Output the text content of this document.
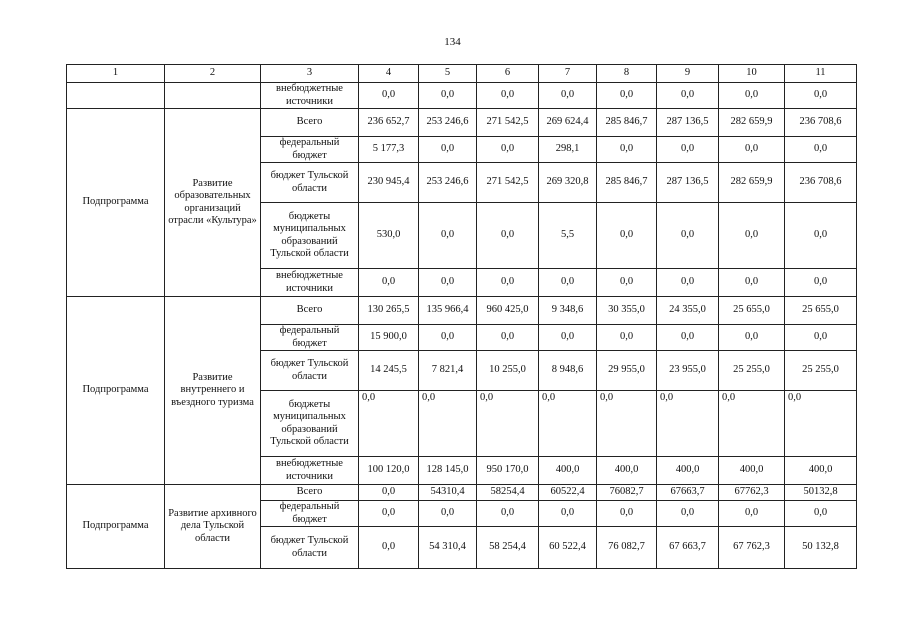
134
1	2	3	4	5	6	7	8	9	10	11
		внебюджетные источники	0,0	0,0	0,0	0,0	0,0	0,0	0,0	0,0
Подпрограмма	Развитие образовательных организаций отрасли «Культура»	Всего	236 652,7	253 246,6	271 542,5	269 624,4	285 846,7	287 136,5	282 659,9	236 708,6
		федеральный бюджет	5 177,3	0,0	0,0	298,1	0,0	0,0	0,0	0,0
		бюджет Тульской области	230 945,4	253 246,6	271 542,5	269 320,8	285 846,7	287 136,5	282 659,9	236 708,6
		бюджеты муниципальных образований Тульской области	530,0	0,0	0,0	5,5	0,0	0,0	0,0	0,0
		внебюджетные источники	0,0	0,0	0,0	0,0	0,0	0,0	0,0	0,0
Подпрограмма	Развитие внутреннего и въездного туризма	Всего	130 265,5	135 966,4	960 425,0	9 348,6	30 355,0	24 355,0	25 655,0	25 655,0
		федеральный бюджет	15 900,0	0,0	0,0	0,0	0,0	0,0	0,0	0,0
		бюджет Тульской области	14 245,5	7 821,4	10 255,0	8 948,6	29 955,0	23 955,0	25 255,0	25 255,0
		бюджеты муниципальных образований Тульской области	0,0	0,0	0,0	0,0	0,0	0,0	0,0	0,0
		внебюджетные источники	100 120,0	128 145,0	950 170,0	400,0	400,0	400,0	400,0	400,0
Подпрограмма	Развитие архивного дела Тульской области	Всего	0,0	54310,4	58254,4	60522,4	76082,7	67663,7	67762,3	50132,8
		федеральный бюджет	0,0	0,0	0,0	0,0	0,0	0,0	0,0	0,0
		бюджет Тульской области	0,0	54 310,4	58 254,4	60 522,4	76 082,7	67 663,7	67 762,3	50 132,8
